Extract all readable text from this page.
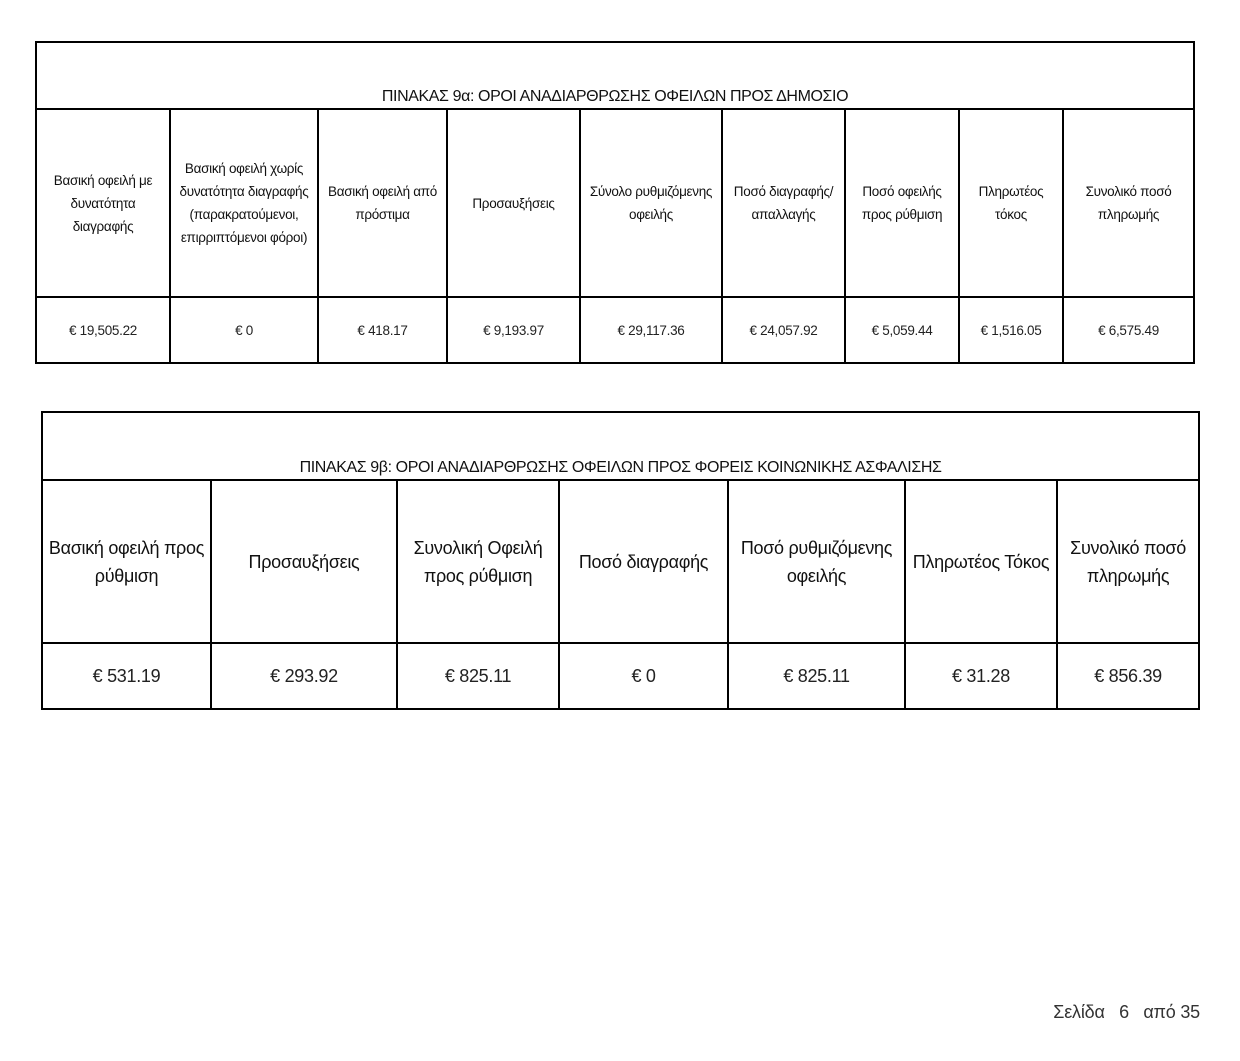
ΠΙΝΑΚΑΣ 9α: ΟΡΟΙ ΑΝΑΔΙΑΡΘΡΩΣΗΣ ΟΦΕΙΛΩΝ ΠΡΟΣ ΔΗΜΟΣΙΟ								
Βασική οφειλή με δυνατότητα διαγραφής	Βασική οφειλή χωρίς δυνατότητα διαγραφής (παρακρατούμενοι, επιρριπτόμενοι φόροι)	Βασική οφειλή από πρόστιμα	Προσαυξήσεις	Σύνολο ρυθμιζόμενης οφειλής	Ποσό διαγραφής/ απαλλαγής	Ποσό οφειλής προς ρύθμιση	Πληρωτέος τόκος	Συνολικό ποσό πληρωμής
€ 19,505.22	€ 0	€ 418.17	€ 9,193.97	€ 29,117.36	€ 24,057.92	€ 5,059.44	€ 1,516.05	€ 6,575.49
ΠΙΝΑΚΑΣ 9β: ΟΡΟΙ ΑΝΑΔΙΑΡΘΡΩΣΗΣ ΟΦΕΙΛΩΝ ΠΡΟΣ ΦΟΡΕΙΣ ΚΟΙΝΩΝΙΚΗΣ ΑΣΦΑΛΙΣΗΣ						
Βασική οφειλή προς ρύθμιση	Προσαυξήσεις	Συνολική Οφειλή προς ρύθμιση	Ποσό διαγραφής	Ποσό ρυθμιζόμενης οφειλής	Πληρωτέος Τόκος	Συνολικό ποσό πληρωμής
€ 531.19	€ 293.92	€ 825.11	€ 0	€ 825.11	€ 31.28	€ 856.39
Σελίδα 6 από 35
